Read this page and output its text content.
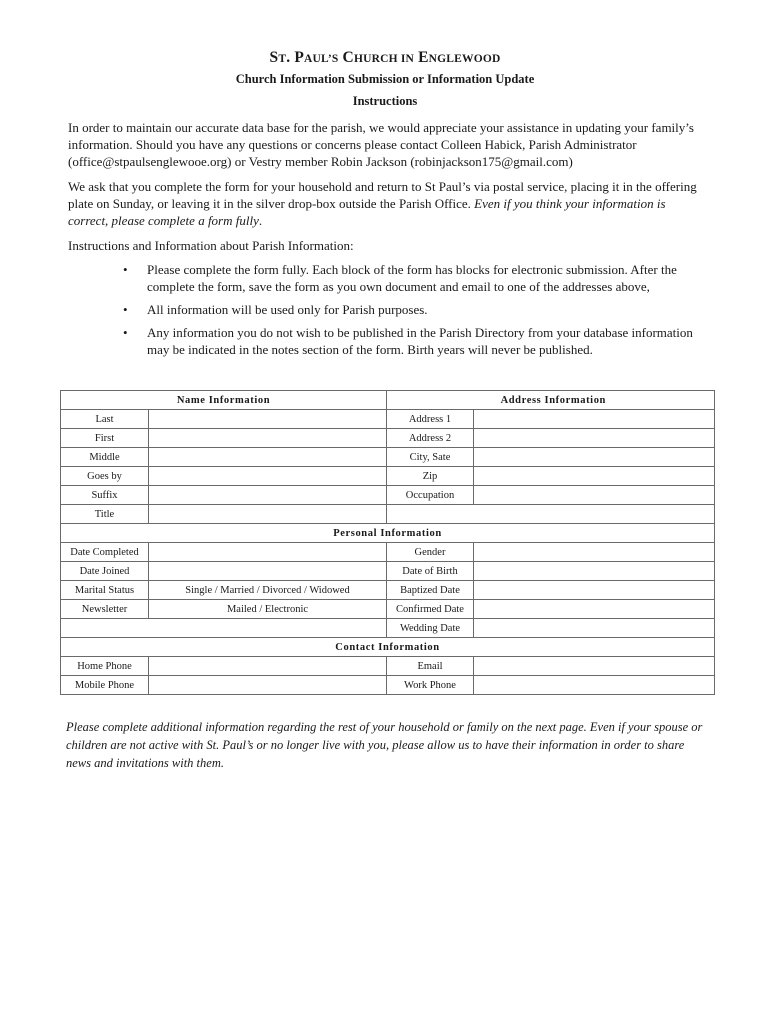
ST. PAUL’S CHURCH IN ENGLEWOOD
Church Information Submission or Information Update
Instructions
In order to maintain our accurate data base for the parish, we would appreciate your assistance in updating your family’s information. Should you have any questions or concerns please contact Colleen Habick, Parish Administrator (office@stpaulsenglewooe.org) or Vestry member Robin Jackson (robinjackson175@gmail.com)
We ask that you complete the form for your household and return to St Paul’s via postal service, placing it in the offering plate on Sunday, or leaving it in the silver drop-box outside the Parish Office. Even if you think your information is correct, please complete a form fully.
Instructions and Information about Parish Information:
• Please complete the form fully. Each block of the form has blocks for electronic submission. After the complete the form, save the form as you own document and email to one of the addresses above,
• All information will be used only for Parish purposes.
• Any information you do not wish to be published in the Parish Directory from your database information may be indicated in the notes section of the form. Birth years will never be published.
Name Information		Address Information	
Last		Address 1	
First		Address 2	
Middle		City, Sate	
Goes by		Zip	
Suffix		Occupation	
Title			
Personal Information			
Date Completed		Gender	
Date Joined		Date of Birth	
Marital Status	Single / Married / Divorced / Widowed	Baptized Date	
Newsletter	Mailed / Electronic	Confirmed Date	
		Wedding Date	
Contact Information			
Home Phone		Email	
Mobile Phone		Work Phone	
Please complete additional information regarding the rest of your household or family on the next page. Even if your spouse or children are not active with St. Paul’s or no longer live with you, please allow us to have their information in order to share news and invitations with them.
